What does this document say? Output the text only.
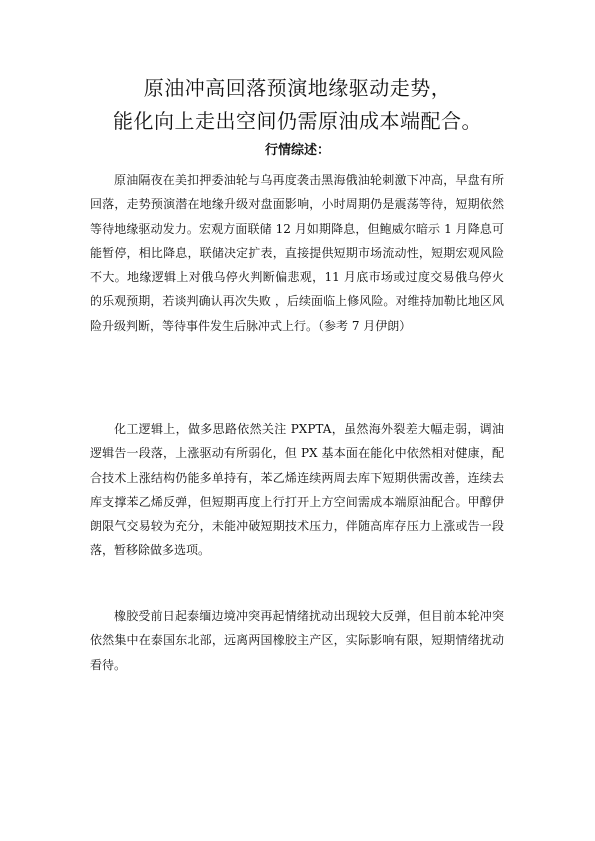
原油冲高回落预演地缘驱动走势，
能化向上走出空间仍需原油成本端配合。
行情综述：

原油隔夜在美扣押委油轮与乌再度袭击黑海俄油轮刺激下冲高，早盘有所回落，走势预演潜在地缘升级对盘面影响，小时周期仍是震荡等待，短期依然等待地缘驱动发力。宏观方面联储 12 月如期降息，但鲍威尔暗示 1 月降息可能暂停，相比降息，联储决定扩表，直接提供短期市场流动性，短期宏观风险不大。地缘逻辑上对俄乌停火判断偏悲观，11 月底市场或过度交易俄乌停火的乐观预期，若谈判确认再次失败 ，后续面临上修风险。对维持加勒比地区风险升级判断，等待事件发生后脉冲式上行。（参考 7 月伊朗）

化工逻辑上，做多思路依然关注 PXPTA，虽然海外裂差大幅走弱，调油逻辑告一段落，上涨驱动有所弱化，但 PX 基本面在能化中依然相对健康，配合技术上涨结构仍能多单持有，苯乙烯连续两周去库下短期供需改善，连续去库支撑苯乙烯反弹，但短期再度上行打开上方空间需成本端原油配合。甲醇伊朗限气交易较为充分，未能冲破短期技术压力，伴随高库存压力上涨或告一段落，暂移除做多选项。

橡胶受前日起泰缅边境冲突再起情绪扰动出现较大反弹，但目前本轮冲突依然集中在泰国东北部，远离两国橡胶主产区，实际影响有限，短期情绪扰动看待。
